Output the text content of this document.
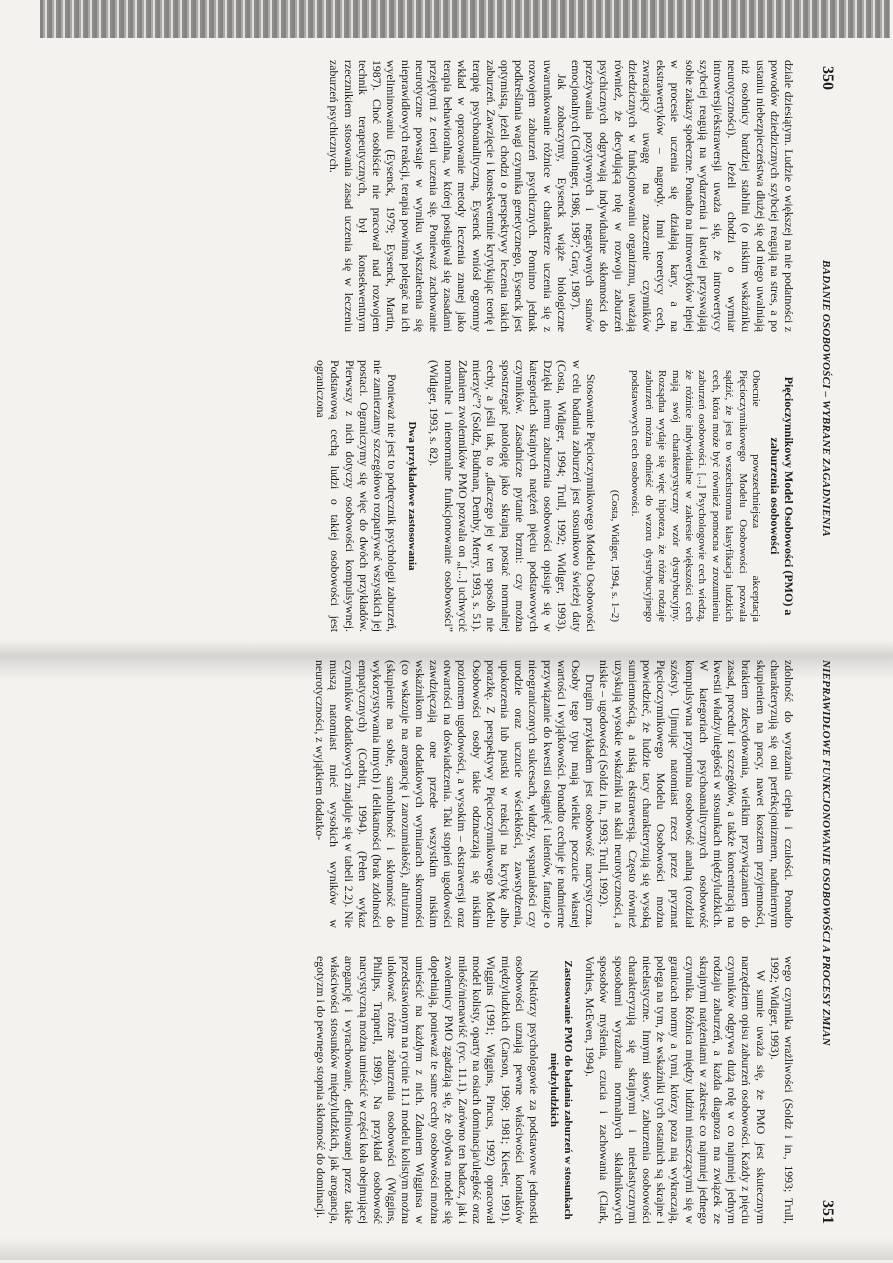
350
BADANIE OSOBOWOŚCI – WYBRANE ZAGADNIENIA

dziale dziesiątym. Ludzie o większej na nie podatności z powodów dziedzicznych szybciej reagują na stres, a po ustaniu niebezpieczeństwa dłużej się od niego uwalniają niż osobnicy bardziej stabilni (o niskim wskaźniku neurotyczności). Jeżeli chodzi o wymiar introwersji/ekstrawersji uważa się, że introwertycy szybciej reagują na wydarzenia i łatwiej przyswajają sobie zakazy społeczne. Ponadto na introwertyków lepiej w procesie uczenia się działają kary, a na ekstrawertyków – nagrody. Inni teoretycy cech, zwracający uwagę na znaczenie czynników dziedzicznych w funkcjonowaniu organizmu, uważają również, że decydującą rolę w rozwoju zaburzeń psychicznych odgrywają indywidualne skłonności do przeżywania pozytywnych i negatywnych stanów emocjonalnych (Cloninger, 1986, 1987; Gray, 1987).

Jak zobaczymy, Eysenck wiąże biologiczne uwarunkowanie różnice w charakterze uczenia się z rozwojem zaburzeń psychicznych. Pomimo jednak podkreślania wagi czynnika genetycznego, Eysenck jest optymistą, jeżeli chodzi o perspektywy leczenia takich zaburzeń. Zawzięcie i konsekwentnie krytykując teorię i terapię psychoanalityczną, Eysenck wniósł ogromny wkład w opracowanie metody leczenia znanej jako terapia behawioralna, w której posługiwał się zasadami przejętymi z teorii uczenia się. Ponieważ zachowanie neurotyczne powstaje w wyniku wykształcenia się nieprawidłowych reakcji, terapia powinna polegać na ich wyeliminowaniu (Eysenck, 1979; Eysenck, Martin, 1987). Choć osobiście nie pracował nad rozwojem technik terapeutycznych, był konsekwentnym rzecznikiem stosowania zasad uczenia się w leczeniu zaburzeń psychicznych.

Pięcioczynnikowy Model Osobowości (PMO) a zaburzenia osobowości
Obecnie powszechniejsza akceptacja Pięcioczynnikowego Modelu Osobowości pozwala sądzić, że jest to wszechstronna klasyfikacja ludzkich cech, która może być również pomocna w zrozumieniu zaburzeń osobowości. [...] Psychologowie cech wiedzą, że różnice indywidualne w zakresie większości cech mają swój charakterystyczny wzór dystrybucyjny. Rozsądna wydaje się więc hipoteza, że różne rodzaje zaburzeń można odnieść do wzoru dystrybucyjnego podstawowych cech osobowości.
(Costa, Widiger, 1994, s. 1–2)

Stosowanie Pięcioczynnikowego Modelu Osobowości w celu badania zaburzeń jest stosunkowo świeżej daty (Costa, Widiger, 1994; Trull, 1992; Widiger, 1993). Dzięki niemu zaburzenia osobowości opisuje się w kategoriach skrajnych natężeń pięciu podstawowych czynników. Zasadnicze pytanie brzmi: czy można spostrzegać patologię jako skrajną postać normalnej cechy, a jeśli tak, to „dlaczego jej w ten sposób nie mierzyć”? (Soldz, Budman, Demby, Merry, 1993, s. 51). Zdaniem zwolenników PMO pozwala on „[...] uchwycić normalne i nienormalne funkcjonowanie osobowości” (Widiger, 1993, s. 82).

Dwa przykładowe zastosowania

Ponieważ nie jest to podręcznik psychologii zaburzeń, nie zamierzamy szczegółowo rozpatrywać wszystkich jej postaci. Ograniczymy się więc do dwóch przykładów. Pierwszy z nich dotyczy osobowości kompulsywnej. Podstawową cechą ludzi o takiej osobowości jest ograniczona

NIEPRAWIDŁOWE FUNKCJONOWANIE OSOBOWOŚCI A PROCESY ZMIAN
351

zdolność do wyrażania ciepła i czułości. Ponadto charakteryzują się oni perfekcjonizmem, nadmiernym skupieniem na pracy, nawet kosztem przyjemności, brakiem zdecydowania, wielkim przywiązaniem do zasad, procedur i szczegółów, a także koncentracją na kwestii władzy/uległości w stosunkach międzyludzkich. W kategoriach psychoanalitycznych osobowość kompulsywna przypomina osobowość analną (rozdział szósty). Ujmując natomiast rzecz przez pryzmat Pięcioczynnikowego Modelu Osobowości można powiedzieć, że ludzie tacy charakteryzują się wysoką sumiennością, a niską ekstrawersją. Często również uzyskują wysokie wskaźniki na skali neurotyczności, a niskie – ugodowości (Soldz i in., 1993; Trull, 1992).

Drugim przykładem jest osobowość narcystyczna. Osoby tego typu mają wielkie poczucie własnej wartości i wyjątkowości. Ponadto cechuje je nadmierne przywiązanie do kwestii osiągnięć i talentów, fantazje o nieograniczonych sukcesach, władzy, wspaniałości czy urodzie oraz uczucie wściekłości, zawstydzenia, upokorzenia lub pustki w reakcji na krytykę albo porażkę. Z perspektywy Pięcioczynnikowego Modelu Osobowości osoby takie odznaczają się niskim poziomem ugodowości, a wysokim – ekstrawersji oraz otwartości na doświadczenia. Taki stopień ugodowości zawdzięczają one przede wszystkim niskim wskaźnikom na dodatkowych wymiarach skromności (co wskazuje na arogancję i zarozumiałość), altruizmu (skupienie na sobie, samolubność i skłonność do wykorzystywania innych) i delikatności (brak zdolności empatycznych) (Corbitt, 1994). (Pełen wykaz czynników dodatkowych znajduje się w tabeli 2.2). Nie muszą natomiast mieć wysokich wyników w neurotyczności, z wyjątkiem dodatko-

wego czynnika wrażliwości (Soldz i in., 1993; Trull, 1992; Widiger, 1993).

W sumie uważa się, że PMO jest skutecznym narzędziem opisu zaburzeń osobowości. Każdy z pięciu czynników odgrywa dużą rolę w co najmniej jednym rodzaju zaburzeń, a każda diagnoza ma związek ze skrajnymi natężeniami w zakresie co najmniej jednego czynnika. Różnica między ludźmi mieszczącymi się w granicach normy a tymi, którzy poza nią wykraczają, polega na tym, że wskaźniki tych ostatnich są skrajne i nieelastyczne. Innymi słowy, zaburzenia osobowości charakteryzują się skrajnymi i nieelastycznymi sposobami wyrażania normalnych składnikowych sposobów myślenia, czucia i zachowania (Clark, Vorhies, McEwen, 1994).

Zastosowanie PMO do badania zaburzeń w stosunkach międzyludzkich

Niektórzy psychologowie za podstawowe jednostki osobowości uznają pewne właściwości kontaktów międzyludzkich (Carson, 1969; 1981; Kiesler, 1991). Wiggins (1991; Wiggins, Pincus, 1992) opracował model kolisty, oparty na osiach dominacja/uległość oraz miłość/nienawiść (ryc. 11.1). Zarówno ten badacz, jak i zwolennicy PMO zgadzają się, że obydwa modele się dopełniają, ponieważ te same cechy osobowości można umieścić na każdym z nich. Zdaniem Wigginsa w przedstawionym na rycinie 11.1 modelu kolistym można ulokować różne zaburzenia osobowości (Wiggins, Philips, Trapnell, 1989). Na przykład osobowość narcystyczną można umieścić w części koła obejmującej arogancję i wyrachowanie, definiowanej przez takie właściwości stosunków międzyludzkich, jak arogancja, egotyzm i do pewnego stopnia skłonność do dominacji.
